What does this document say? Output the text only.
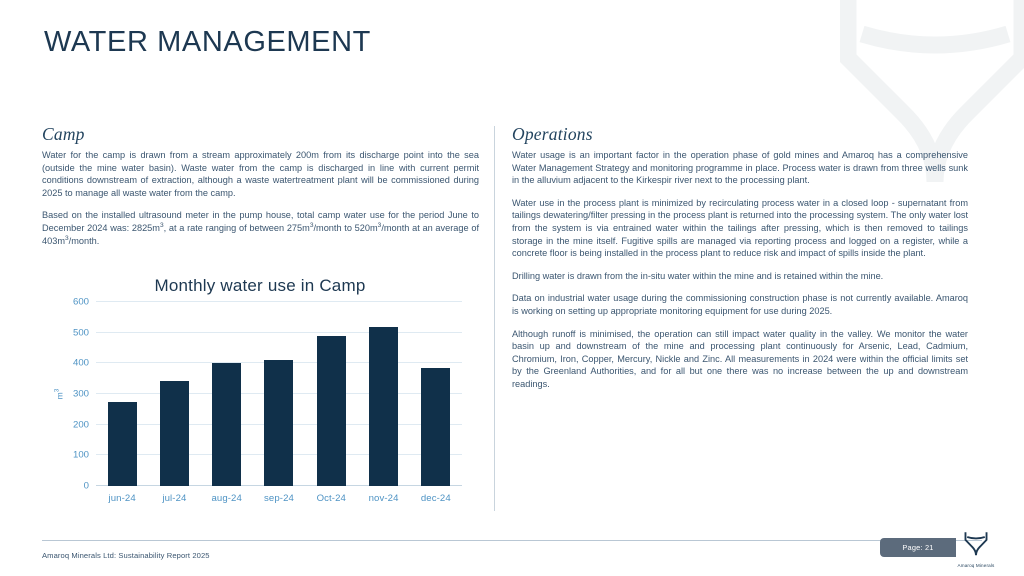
WATER MANAGEMENT
Camp

Water for the camp is drawn from a stream approximately 200m from its discharge point into the sea (outside the mine water basin). Waste water from the camp is discharged in line with current permit conditions downstream of extraction, although a waste watertreatment plant will be commissioned during 2025 to manage all waste water from the camp.

Based on the installed ultrasound meter in the pump house, total camp water use for the period June to December 2024 was: $2825m^3$, at a rate ranging of between $275m^3$/month to $520m^3$/month at an average of $403m^3$/month.

Monthly water use in Camp
$m^3$
0
100
200
300
400
500
600
jun-24	jul-24	aug-24	sep-24	Oct-24	nov-24	dec-24
Operations

Water usage is an important factor in the operation phase of gold mines and Amaroq has a comprehensive Water Management Strategy and monitoring programme in place. Process water is drawn from three wells sunk in the alluvium adjacent to the Kirkespir river next to the processing plant.

Water use in the process plant is minimized by recirculating process water in a closed loop - supernatant from tailings dewatering/filter pressing in the process plant is returned into the processing system. The only water lost from the system is via entrained water within the tailings after pressing, which is then removed to tailings storage in the mine itself. Fugitive spills are managed via reporting process and logged on a register, while a concrete floor is being installed in the process plant to reduce risk and impact of spills inside the plant.

Drilling water is drawn from the in-situ water within the mine and is retained within the mine.

Data on industrial water usage during the commissioning construction phase is not currently available. Amaroq is working on setting up appropriate monitoring equipment for use during 2025.

Although runoff is minimised, the operation can still impact water quality in the valley. We monitor the water basin up and downstream of the mine and processing plant continuously for Arsenic, Lead, Cadmium, Chromium, Iron, Copper, Mercury, Nickle and Zinc. All measurements in 2024 were within the official limits set by the Greenland Authorities, and for all but one there was no increase between the up and downstream readings.

Amaroq Minerals Ltd: Sustainability Report 2025
Page: 21
Amaroq Minerals
